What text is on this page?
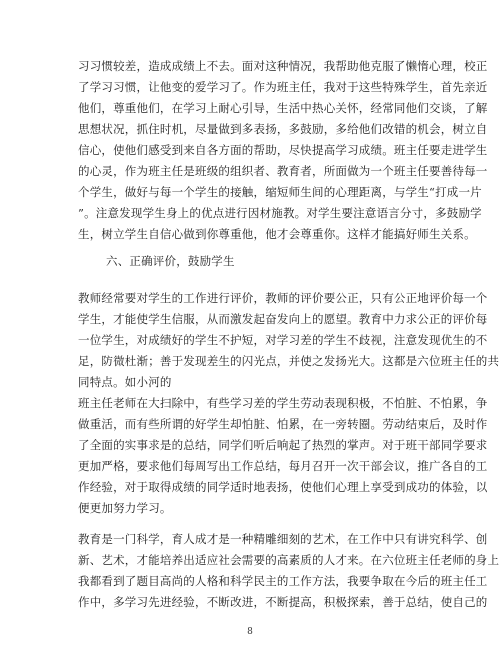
六、正确评价，鼓励学生
8
习习惯较差，造成成绩上不去。面对这种情况，我帮助他克服了懒惰心理，校正
了学习习惯，让他变的爱学习了。作为班主任，我对于这些特殊学生，首先亲近
他们，尊重他们，在学习上耐心引导，生活中热心关怀，经常同他们交谈，了解
思想状况，抓住时机，尽量做到多表扬，多鼓励，多给他们改错的机会，树立自
信心，使他们感受到来自各方面的帮助，尽快提高学习成绩。班主任要走进学生
的心灵，作为班主任是班级的组织者、教育者，所面做为一个班主任要善待每一
个学生，做好与每一个学生的接触，缩短师生间的心理距离，与学生“打成一片
”。注意发现学生身上的优点进行因材施教。对学生要注意语言分寸，多鼓励学
生，树立学生自信心做到你尊重他，他才会尊重你。这样才能搞好师生关系。
教师经常要对学生的工作进行评价，教师的评价要公正，只有公正地评价每一个
学生，才能使学生信服，从而激发起奋发向上的愿望。教育中力求公正的评价每
一位学生，对成绩好的学生不护短，对学习差的学生不歧视，注意发现优生的不
足，防微杜渐；善于发现差生的闪光点，并使之发扬光大。这都是六位班主任的共
同特点。如小河的
班主任老师在大扫除中，有些学习差的学生劳动表现积极，不怕脏、不怕累，争
做重活，而有些所谓的好学生却怕脏、怕累，在一旁转圈。劳动结束后，及时作
了全面的实事求是的总结，同学们听后响起了热烈的掌声。对于班干部同学要求
更加严格，要求他们每周写出工作总结，每月召开一次干部会议，推广各自的工
作经验，对于取得成绩的同学适时地表扬，使他们心理上享受到成功的体验，以
便更加努力学习。
教育是一门科学，育人成才是一种精雕细刻的艺术，在工作中只有讲究科学、创
新、艺术，才能培养出适应社会需要的高素质的人才来。在六位班主任老师的身上
我都看到了题目高尚的人格和科学民主的工作方法，我要争取在今后的班主任工
作中，多学习先进经验，不断改进，不断提高，积极探索，善于总结，使自己的
